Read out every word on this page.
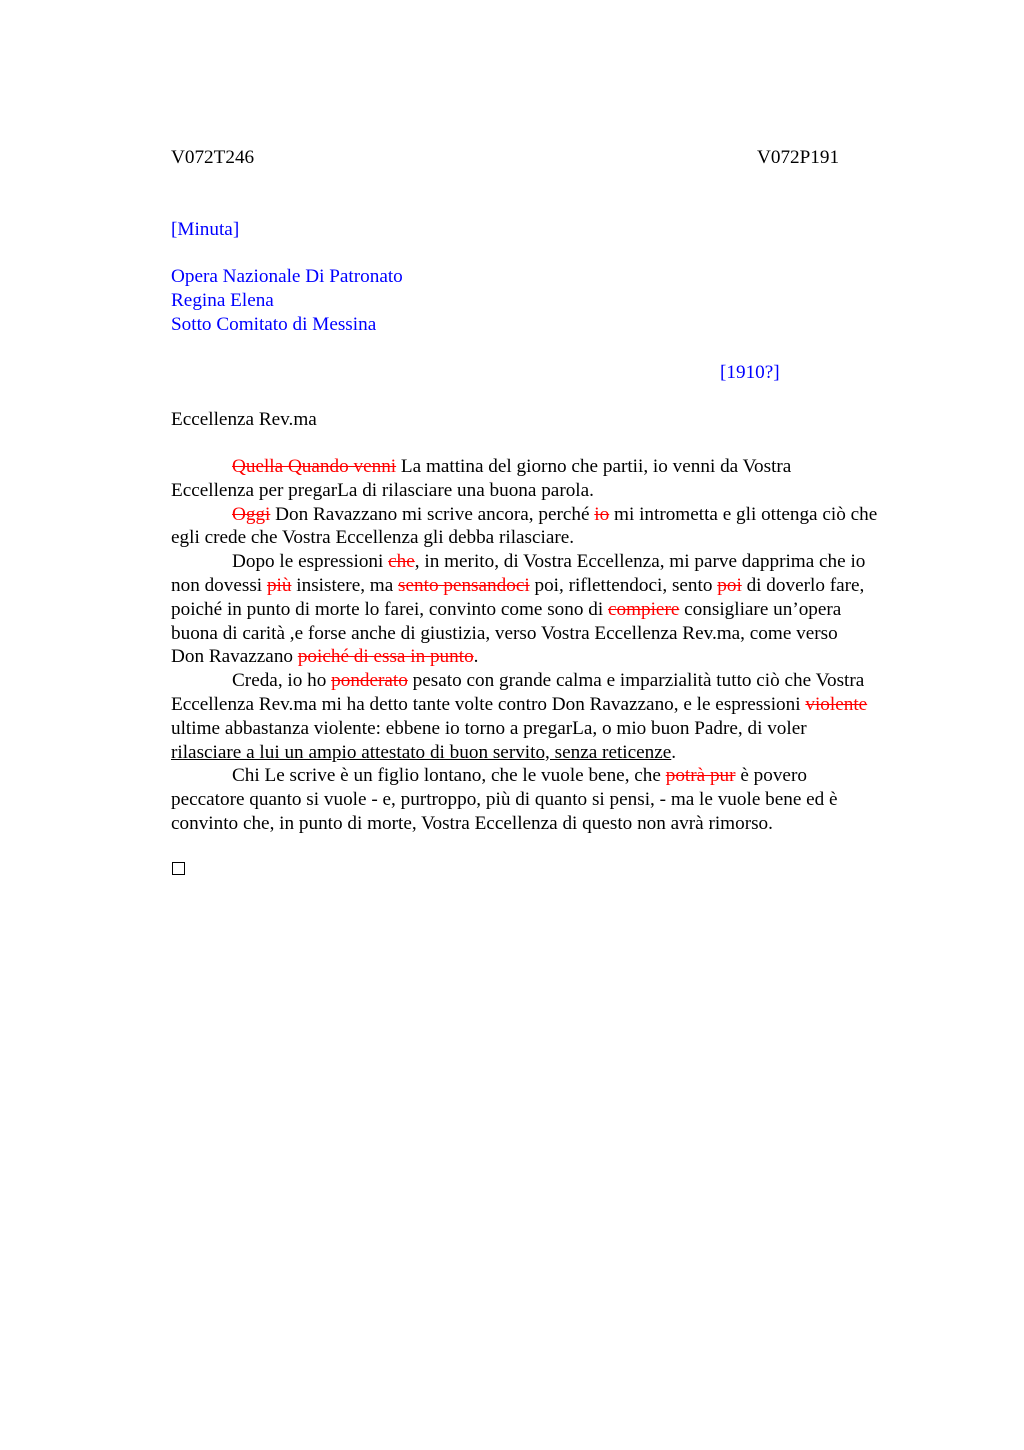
V072T246	V072P191
[Minuta]
Opera Nazionale Di Patronato
Regina Elena
Sotto Comitato di Messina
[1910?]
Eccellenza Rev.ma

Quella Quando venni La mattina del giorno che partii, io venni da Vostra

Eccellenza per pregarLa di rilasciare una buona parola.

Oggi Don Ravazzano mi scrive ancora, perché io mi intrometta e gli ottenga ciò che

egli crede che Vostra Eccellenza gli debba rilasciare.

Dopo le espressioni che, in merito, di Vostra Eccellenza, mi parve dapprima che io

non dovessi più insistere, ma sento pensandoci poi, riflettendoci, sento poi di doverlo fare,

poiché in punto di morte lo farei, convinto come sono di compiere consigliare un’opera

buona di carità ,e forse anche di giustizia, verso Vostra Eccellenza Rev.ma, come verso

Don Ravazzano poiché di essa in punto.

Creda, io ho ponderato pesato con grande calma e imparzialità tutto ciò che Vostra

Eccellenza Rev.ma mi ha detto tante volte contro Don Ravazzano, e le espressioni violente

ultime abbastanza violente: ebbene io torno a pregarLa, o mio buon Padre, di voler

rilasciare a lui un ampio attestato di buon servito, senza reticenze.

Chi Le scrive è un figlio lontano, che le vuole bene, che potrà pur è povero

peccatore quanto si vuole - e, purtroppo, più di quanto si pensi, - ma le vuole bene ed è

convinto che, in punto di morte, Vostra Eccellenza di questo non avrà rimorso.
